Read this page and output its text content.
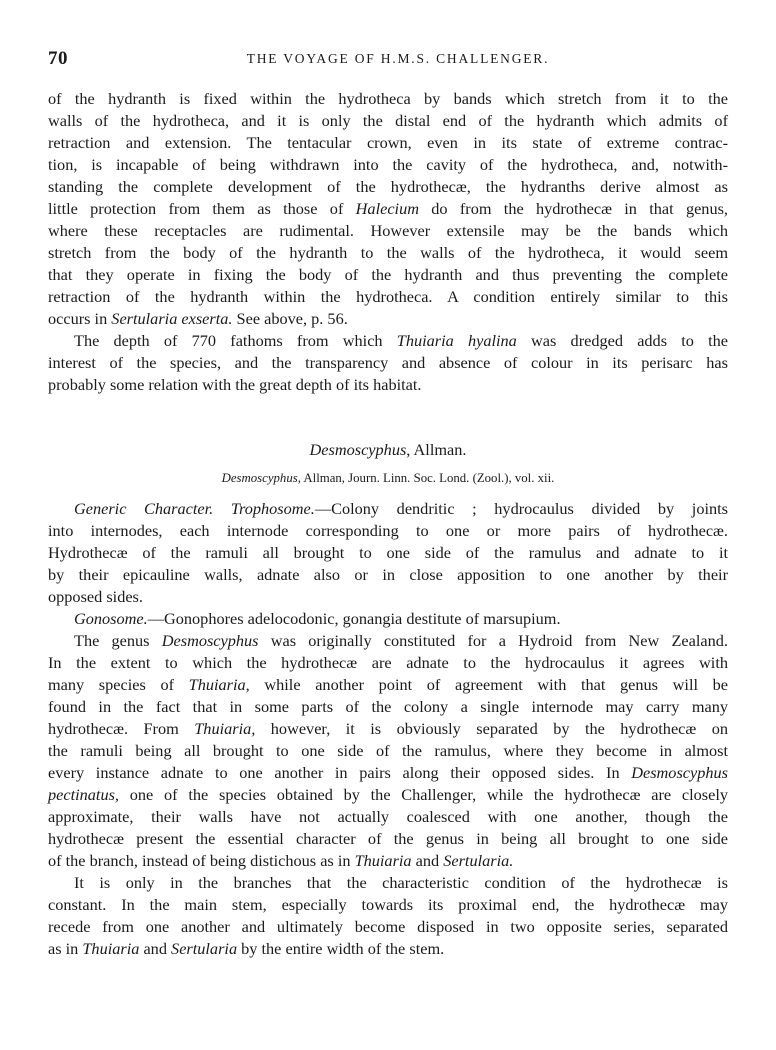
70	THE VOYAGE OF H.M.S. CHALLENGER.
of the hydranth is fixed within the hydrotheca by bands which stretch from it to the
walls of the hydrotheca, and it is only the distal end of the hydranth which admits of
retraction and extension. The tentacular crown, even in its state of extreme contrac-
tion, is incapable of being withdrawn into the cavity of the hydrotheca, and, notwith-
standing the complete development of the hydrothecæ, the hydranths derive almost as
little protection from them as those of Halecium do from the hydrothecæ in that genus,
where these receptacles are rudimental. However extensile may be the bands which
stretch from the body of the hydranth to the walls of the hydrotheca, it would seem
that they operate in fixing the body of the hydranth and thus preventing the complete
retraction of the hydranth within the hydrotheca. A condition entirely similar to this
occurs in Sertularia exserta. See above, p. 56.
The depth of 770 fathoms from which Thuiaria hyalina was dredged adds to the
interest of the species, and the transparency and absence of colour in its perisarc has
probably some relation with the great depth of its habitat.
Desmoscyphus, Allman.
Desmoscyphus, Allman, Journ. Linn. Soc. Lond. (Zool.), vol. xii.
Generic Character. Trophosome.—Colony dendritic ; hydrocaulus divided by joints
into internodes, each internode corresponding to one or more pairs of hydrothecæ.
Hydrothecæ of the ramuli all brought to one side of the ramulus and adnate to it
by their epicauline walls, adnate also or in close apposition to one another by their
opposed sides.
Gonosome.—Gonophores adelocodonic, gonangia destitute of marsupium.
The genus Desmoscyphus was originally constituted for a Hydroid from New Zealand.
In the extent to which the hydrothecæ are adnate to the hydrocaulus it agrees with
many species of Thuiaria, while another point of agreement with that genus will be
found in the fact that in some parts of the colony a single internode may carry many
hydrothecæ. From Thuiaria, however, it is obviously separated by the hydrothecæ on
the ramuli being all brought to one side of the ramulus, where they become in almost
every instance adnate to one another in pairs along their opposed sides. In Desmoscyphus
pectinatus, one of the species obtained by the Challenger, while the hydrothecæ are closely
approximate, their walls have not actually coalesced with one another, though the
hydrothecæ present the essential character of the genus in being all brought to one side
of the branch, instead of being distichous as in Thuiaria and Sertularia.
It is only in the branches that the characteristic condition of the hydrothecæ is
constant. In the main stem, especially towards its proximal end, the hydrothecæ may
recede from one another and ultimately become disposed in two opposite series, separated
as in Thuiaria and Sertularia by the entire width of the stem.
